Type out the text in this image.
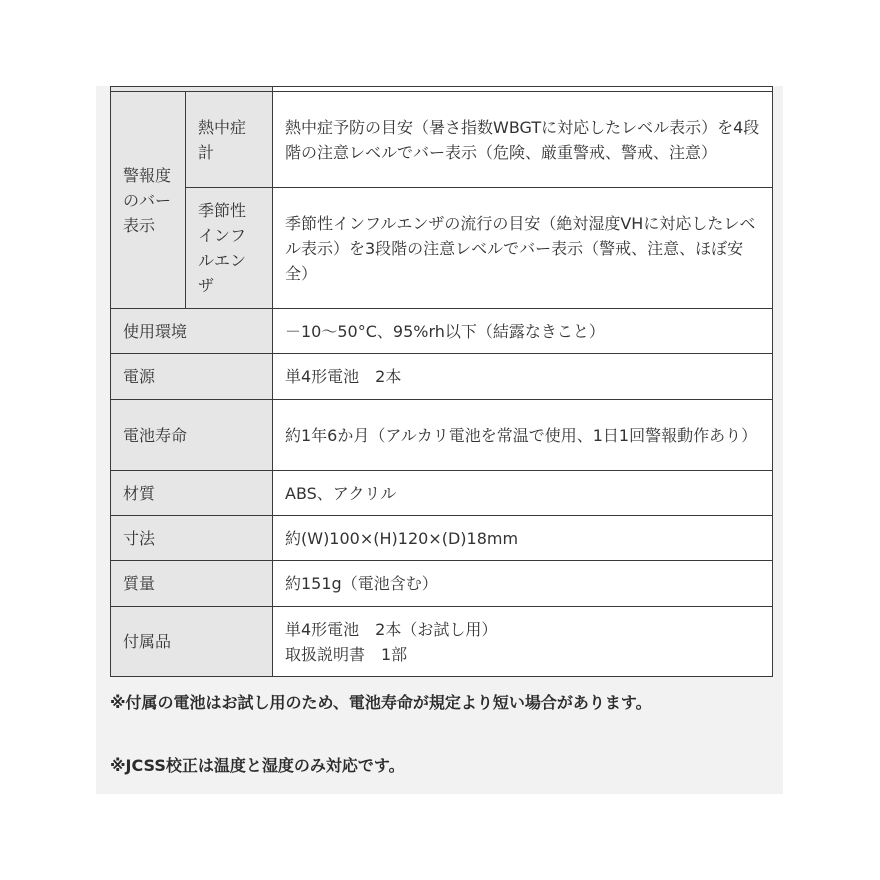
警報度のバー表示	熱中症計	熱中症予防の目安（暑さ指数WBGTに対応したレベル表示）を4段階の注意レベルでバー表示（危険、厳重警戒、警戒、注意）
	季節性インフルエンザ	季節性インフルエンザの流行の目安（絶対湿度VHに対応したレベル表示）を3段階の注意レベルでバー表示（警戒、注意、ほぼ安全）
使用環境		－10～50°C、95%rh以下（結露なきこと）
電源		単4形電池　2本
電池寿命		約1年6か月（アルカリ電池を常温で使用、1日1回警報動作あり）
材質		ABS、アクリル
寸法		約(W)100×(H)120×(D)18mm
質量		約151g（電池含む）
付属品		単4形電池　2本（お試し用）
取扱説明書　1部
※付属の電池はお試し用のため、電池寿命が規定より短い場合があります。
※JCSS校正は温度と湿度のみ対応です。
